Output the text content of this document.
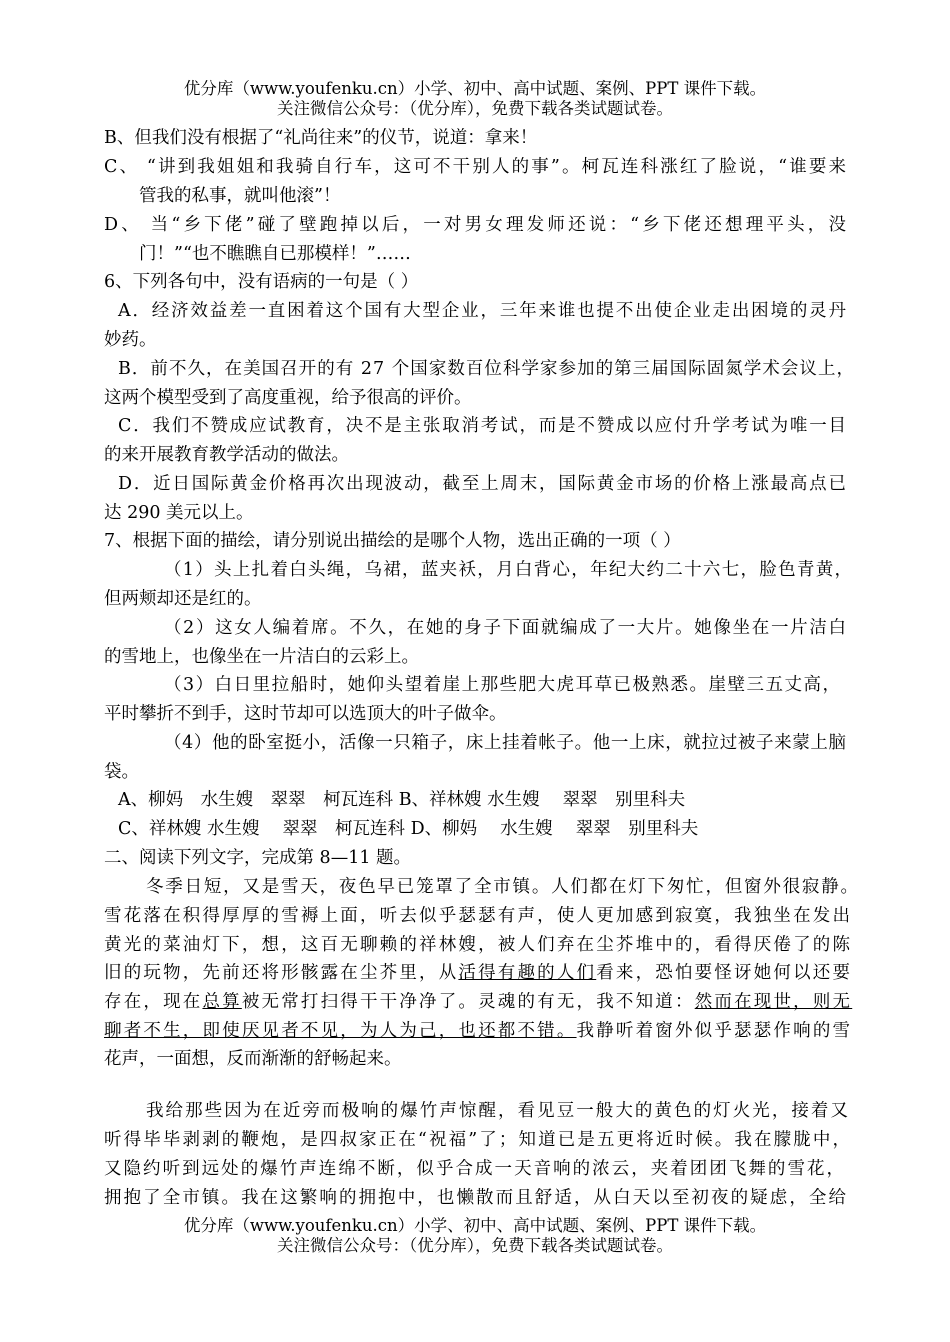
优分库（www.youfenku.cn）小学、初中、高中试题、案例、PPT 课件下载。
关注微信公众号：（优分库），免费下载各类试题试卷。
B、但我们没有根据了“礼尚往来”的仪节，说道：拿来！
C、 “讲到我姐姐和我骑自行车，这可不干别人的事”。柯瓦连科涨红了脸说，“谁要来
管我的私事，就叫他滚”！
D、 当“乡下佬”碰了壁跑掉以后，一对男女理发师还说：“乡下佬还想理平头，没
门！”“也不瞧瞧自已那模样！”……
6、下列各句中，没有语病的一句是（ ）
A．经济效益差一直困着这个国有大型企业，三年来谁也提不出使企业走出困境的灵丹
妙药。
B．前不久，在美国召开的有 27 个国家数百位科学家参加的第三届国际固氮学术会议上，
这两个模型受到了高度重视，给予很高的评价。
C．我们不赞成应试教育，决不是主张取消考试，而是不赞成以应付升学考试为唯一目
的来开展教育教学活动的做法。
D．近日国际黄金价格再次出现波动，截至上周末，国际黄金市场的价格上涨最高点已
达 290 美元以上。
7、根据下面的描绘，请分别说出描绘的是哪个人物，选出正确的一项（ ）
（1）头上扎着白头绳，乌裙，蓝夹袄，月白背心，年纪大约二十六七，脸色青黄，
但两颊却还是红的。
（2）这女人编着席。不久，在她的身子下面就编成了一大片。她像坐在一片洁白
的雪地上，也像坐在一片洁白的云彩上。
（3）白日里拉船时，她仰头望着崖上那些肥大虎耳草已极熟悉。崖壁三五丈高，
平时攀折不到手，这时节却可以选顶大的叶子做伞。
（4）他的卧室挺小，活像一只箱子，床上挂着帐子。他一上床，就拉过被子来蒙上脑
袋。
A、柳妈　水生嫂　翠翠　柯瓦连科 B、祥林嫂 水生嫂　 翠翠　别里科夫
C、祥林嫂 水生嫂　 翠翠　柯瓦连科 D、柳妈　 水生嫂　 翠翠　别里科夫
二、阅读下列文字，完成第 8—11 题。
冬季日短，又是雪天，夜色早已笼罩了全市镇。人们都在灯下匆忙，但窗外很寂静。
雪花落在积得厚厚的雪褥上面，听去似乎瑟瑟有声，使人更加感到寂寞，我独坐在发出
黄光的菜油灯下，想，这百无聊赖的祥林嫂，被人们弃在尘芥堆中的，看得厌倦了的陈
旧的玩物，先前还将形骸露在尘芥里，从活得有趣的人们看来，恐怕要怪讶她何以还要
存在，现在总算被无常打扫得干干净净了。灵魂的有无，我不知道：然而在现世，则无
聊者不生，即使厌见者不见，为人为己，也还都不错。我静听着窗外似乎瑟瑟作响的雪
花声，一面想，反而渐渐的舒畅起来。
我给那些因为在近旁而极响的爆竹声惊醒，看见豆一般大的黄色的灯火光，接着又
听得毕毕剥剥的鞭炮，是四叔家正在“祝福”了；知道已是五更将近时候。我在朦胧中，
又隐约听到远处的爆竹声连绵不断，似乎合成一天音响的浓云，夹着团团飞舞的雪花，
拥抱了全市镇。我在这繁响的拥抱中，也懒散而且舒适，从白天以至初夜的疑虑，全给
优分库（www.youfenku.cn）小学、初中、高中试题、案例、PPT 课件下载。
关注微信公众号：（优分库），免费下载各类试题试卷。
